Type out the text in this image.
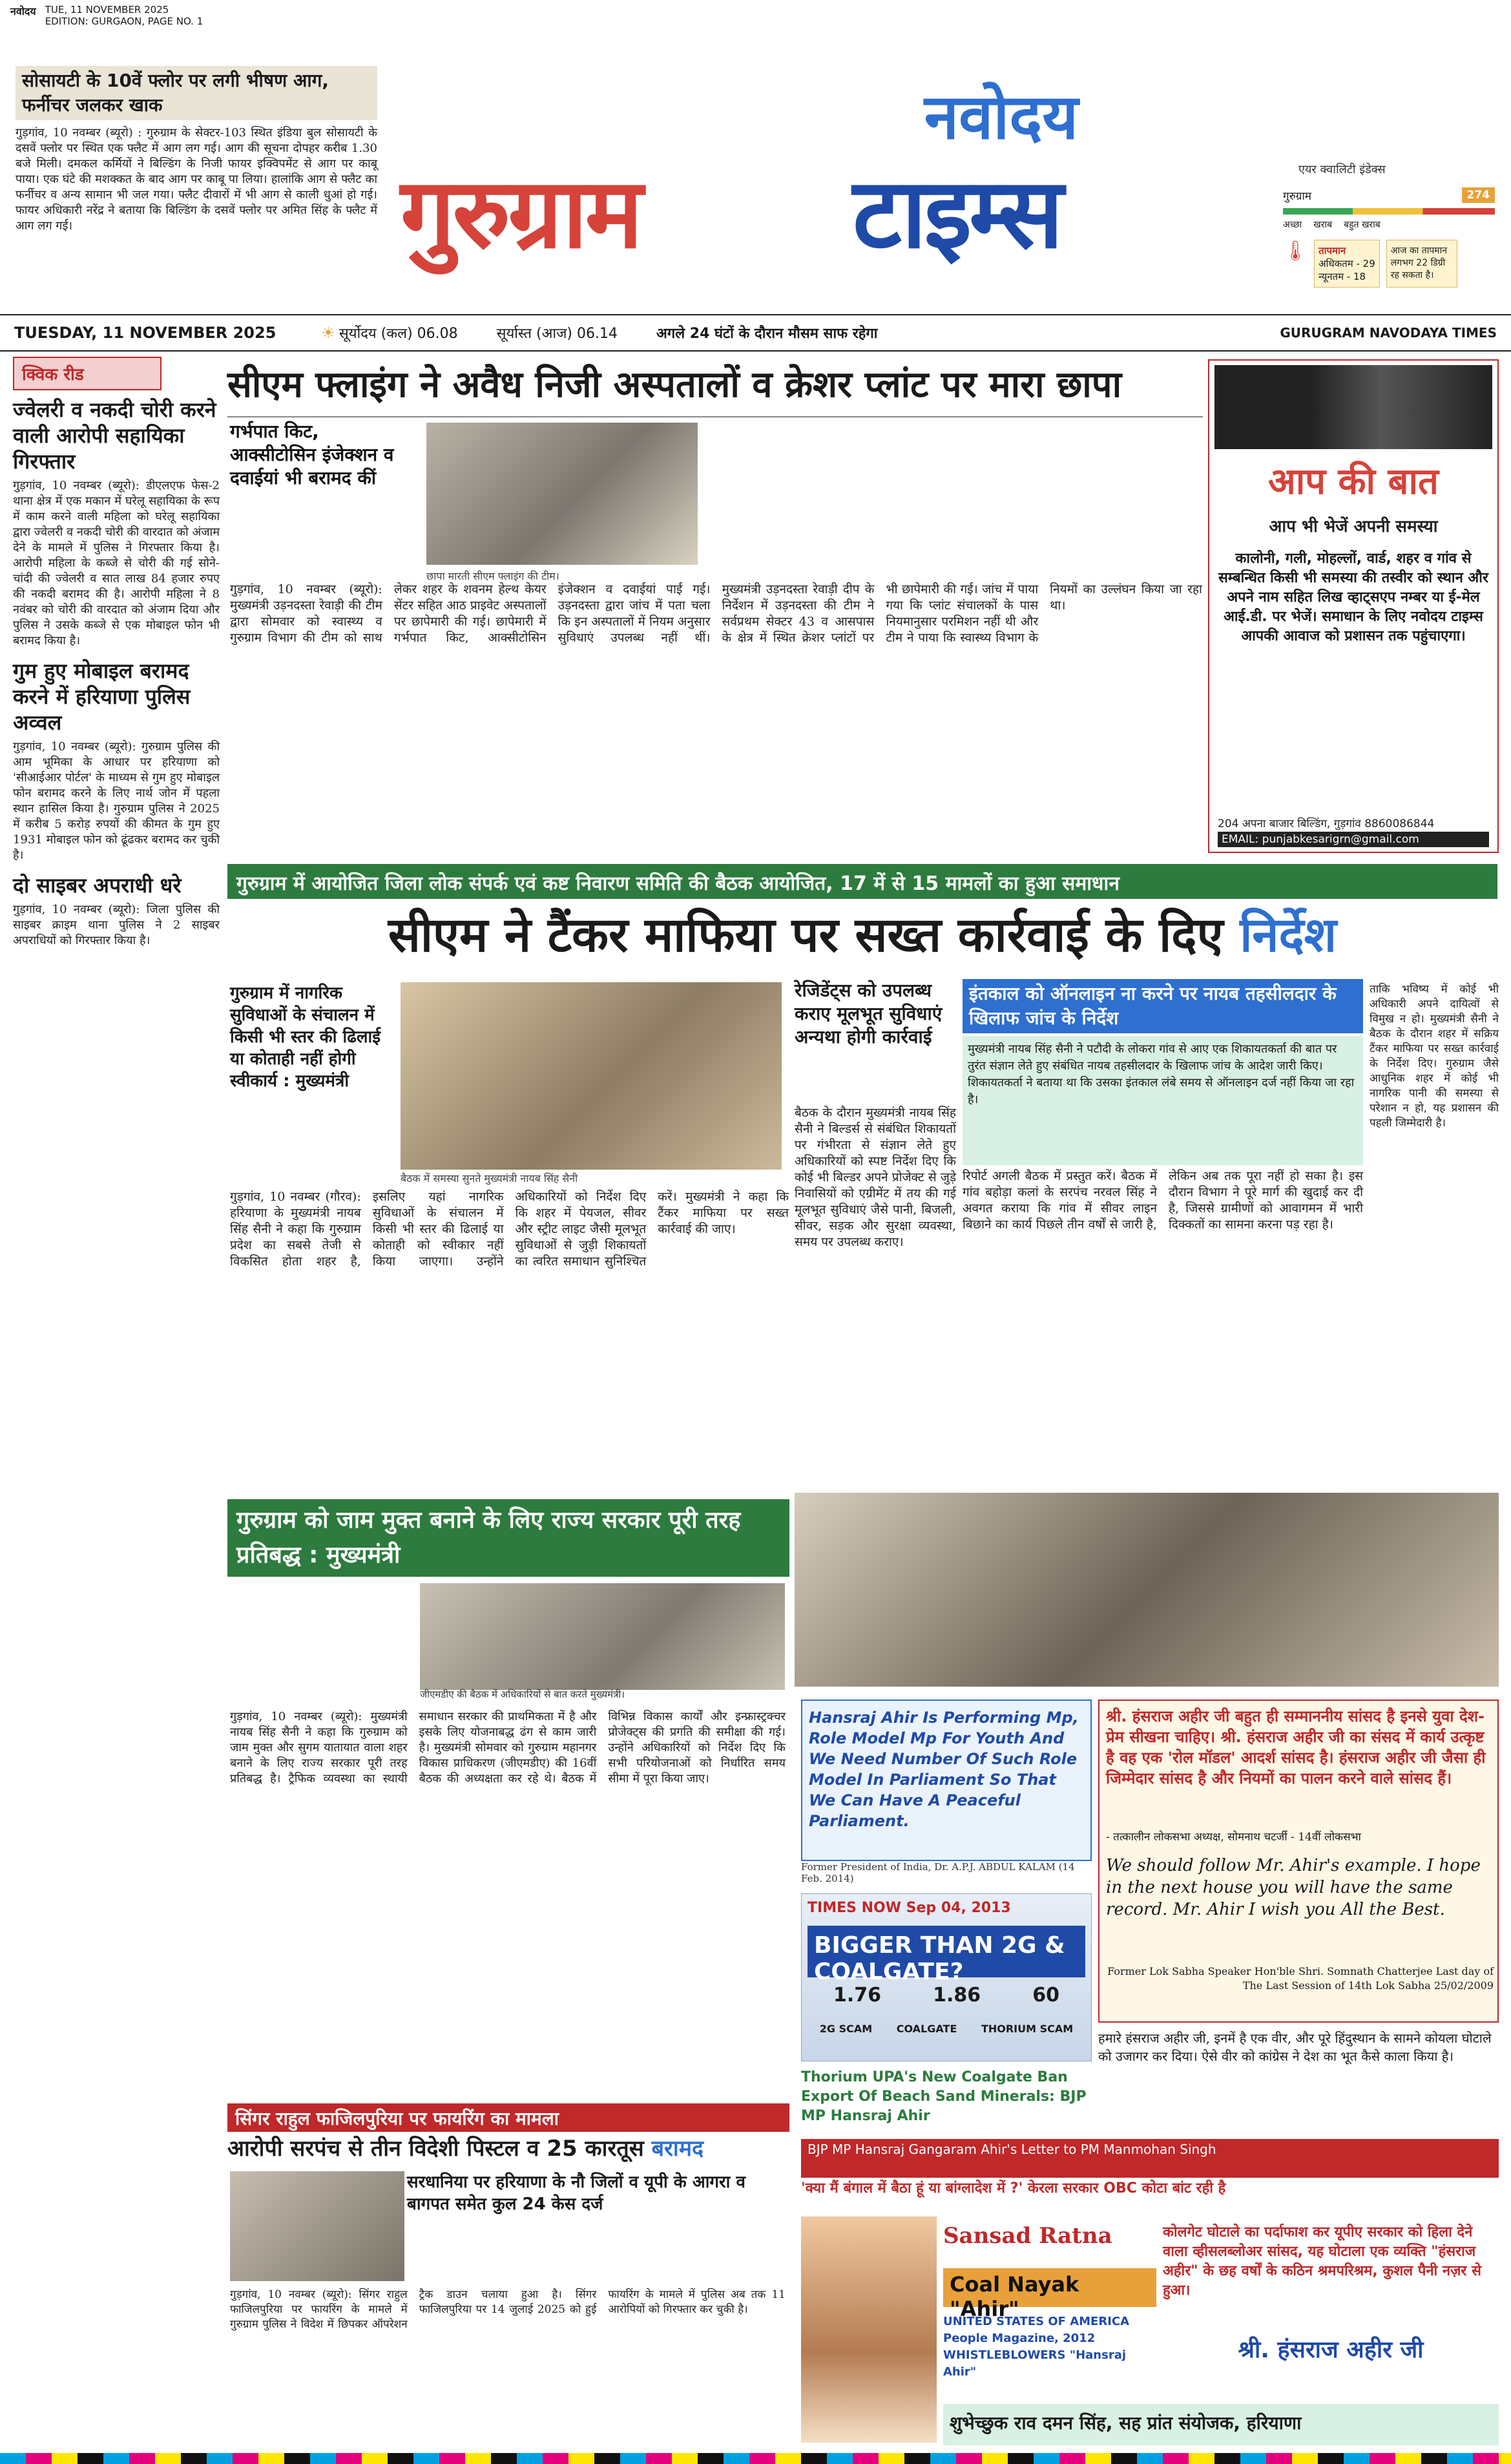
नवोदय TUE, 11 NOVEMBER 2025
EDITION: GURGAON, PAGE NO. 1
सोसायटी के 10वें फ्लोर पर लगी भीषण आग, फर्नीचर जलकर खाक

गुड़गांव, 10 नवम्बर (ब्यूरो) : गुरुग्राम के सेक्टर-103 स्थित इंडिया बुल सोसायटी के दसवें फ्लोर पर स्थित एक फ्लैट में आग लग गई। आग की सूचना दोपहर करीब 1.30 बजे मिली। दमकल कर्मियों ने बिल्डिंग के निजी फायर इक्विपमेंट से आग पर काबू पाया। एक घंटे की मशक्कत के बाद आग पर काबू पा लिया। हालांकि आग से फ्लैट का फर्नीचर व अन्य सामान भी जल गया। फ्लैट दीवारों में भी आग से काली धुआं हो गई। फायर अधिकारी नरेंद्र ने बताया कि बिल्डिंग के दसवें फ्लोर पर अमित सिंह के फ्लैट में आग लग गई।

नवोदय
गुरुग्राम	टाइम्स	एयर क्वालिटी इंडेक्स
गुरुग्राम	274
अच्छा खराब बहुत खराब
🌡 तापमान
अधिकतम - 29
न्यूनतम - 18
आज का तापमान लगभग 22 डिग्री रह सकता है।
TUESDAY, 11 NOVEMBER 2025	☀ सूर्योदय (कल) 06.08	सूर्यास्त (आज) 06.14	अगले 24 घंटों के दौरान मौसम साफ रहेगा	GURUGRAM NAVODAYA TIMES
क्विक रीड
ज्वेलरी व नकदी चोरी करने वाली आरोपी सहायिका गिरफ्तार

गुड़गांव, 10 नवम्बर (ब्यूरो): डीएलएफ फेस-2 थाना क्षेत्र में एक मकान में घरेलू सहायिका के रूप में काम करने वाली महिला को घरेलू सहायिका द्वारा ज्वेलरी व नकदी चोरी की वारदात को अंजाम देने के मामले में पुलिस ने गिरफ्तार किया है। आरोपी महिला के कब्जे से चोरी की गई सोने-चांदी की ज्वेलरी व सात लाख 84 हजार रुपए की नकदी बरामद की है। आरोपी महिला ने 8 नवंबर को चोरी की वारदात को अंजाम दिया और पुलिस ने उसके कब्जे से एक मोबाइल फोन भी बरामद किया है।

गुम हुए मोबाइल बरामद करने में हरियाणा पुलिस अव्वल

गुड़गांव, 10 नवम्बर (ब्यूरो): गुरुग्राम पुलिस की आम भूमिका के आधार पर हरियाणा को 'सीआईआर पोर्टल' के माध्यम से गुम हुए मोबाइल फोन बरामद करने के लिए नार्थ जोन में पहला स्थान हासिल किया है। गुरुग्राम पुलिस ने 2025 में करीब 5 करोड़ रुपयों की कीमत के गुम हुए 1931 मोबाइल फोन को ढूंढकर बरामद कर चुकी है।

दो साइबर अपराधी धरे

गुड़गांव, 10 नवम्बर (ब्यूरो): जिला पुलिस की साइबर क्राइम थाना पुलिस ने 2 साइबर अपराधियों को गिरफ्तार किया है।

सीएम फ्लाइंग ने अवैध निजी अस्पतालों व क्रेशर प्लांट पर मारा छापा
गर्भपात किट, आक्सीटोसिन इंजेक्शन व दवाईयां भी बरामद कीं
छापा मारती सीएम फ्लाइंग की टीम।
गुड़गांव, 10 नवम्बर (ब्यूरो): मुख्यमंत्री उड़नदस्ता रेवाड़ी की टीम द्वारा सोमवार को स्वास्थ्य व गुरुग्राम विभाग की टीम को साथ लेकर शहर के शवनम हेल्थ केयर सेंटर सहित आठ प्राइवेट अस्पतालों पर छापेमारी की गई। छापेमारी में गर्भपात किट, आक्सीटोसिन इंजेक्शन व दवाईयां पाई गई। उड़नदस्ता द्वारा जांच में पता चला कि इन अस्पतालों में नियम अनुसार सुविधाएं उपलब्ध नहीं थीं। मुख्यमंत्री उड़नदस्ता रेवाड़ी दीप के निर्देशन में उड़नदस्ता की टीम ने सर्वप्रथम सेक्टर 43 व आसपास के क्षेत्र में स्थित क्रेशर प्लांटों पर भी छापेमारी की गई। जांच में पाया गया कि प्लांट संचालकों के पास नियमानुसार परमिशन नहीं थी और टीम ने पाया कि स्वास्थ्य विभाग के नियमों का उल्लंघन किया जा रहा था।
आप की बात
आप भी भेजें अपनी समस्या
कालोनी, गली, मोहल्लों, वार्ड, शहर व गांव से सम्बन्धित किसी भी समस्या की तस्वीर को स्थान और अपने नाम सहित लिख व्हाट्सएप नम्बर या ई-मेल आई.डी. पर भेजें। समाधान के लिए नवोदय टाइम्स आपकी आवाज को प्रशासन तक पहुंचाएगा।
204 अपना बाजार बिल्डिंग, गुड़गांव 8860086844
EMAIL: punjabkesarigrn@gmail.com
गुरुग्राम में आयोजित जिला लोक संपर्क एवं कष्ट निवारण समिति की बैठक आयोजित, 17 में से 15 मामलों का हुआ समाधान
सीएम ने टैंकर माफिया पर सख्त कार्रवाई के दिए निर्देश
गुरुग्राम में नागरिक सुविधाओं के संचालन में किसी भी स्तर की ढिलाई या कोताही नहीं होगी स्वीकार्य : मुख्यमंत्री
बैठक में समस्या सुनते मुख्यमंत्री नायब सिंह सैनी
गुड़गांव, 10 नवम्बर (गौरव): हरियाणा के मुख्यमंत्री नायब सिंह सैनी ने कहा कि गुरुग्राम प्रदेश का सबसे तेजी से विकसित होता शहर है, इसलिए यहां नागरिक सुविधाओं के संचालन में किसी भी स्तर की ढिलाई या कोताही को स्वीकार नहीं किया जाएगा। उन्होंने अधिकारियों को निर्देश दिए कि शहर में पेयजल, सीवर और स्ट्रीट लाइट जैसी मूलभूत सुविधाओं से जुड़ी शिकायतों का त्वरित समाधान सुनिश्चित करें। मुख्यमंत्री ने कहा कि टैंकर माफिया पर सख्त कार्रवाई की जाए।
रेजिडेंट्स को उपलब्ध कराए मूलभूत सुविधाएं अन्यथा होगी कार्रवाई
बैठक के दौरान मुख्यमंत्री नायब सिंह सैनी ने बिल्डर्स से संबंधित शिकायतों पर गंभीरता से संज्ञान लेते हुए अधिकारियों को स्पष्ट निर्देश दिए कि कोई भी बिल्डर अपने प्रोजेक्ट से जुड़े निवासियों को एग्रीमेंट में तय की गई मूलभूत सुविधाएं जैसे पानी, बिजली, सीवर, सड़क और सुरक्षा व्यवस्था, समय पर उपलब्ध कराए।
इंतकाल को ऑनलाइन ना करने पर नायब तहसीलदार के खिलाफ जांच के निर्देश
मुख्यमंत्री नायब सिंह सैनी ने पटौदी के लोकरा गांव से आए एक शिकायतकर्ता की बात पर तुरंत संज्ञान लेते हुए संबंधित नायब तहसीलदार के खिलाफ जांच के आदेश जारी किए। शिकायतकर्ता ने बताया था कि उसका इंतकाल लंबे समय से ऑनलाइन दर्ज नहीं किया जा रहा है।
रिपोर्ट अगली बैठक में प्रस्तुत करें। बैठक में गांव बहोड़ा कलां के सरपंच नरवल सिंह ने अवगत कराया कि गांव में सीवर लाइन बिछाने का कार्य पिछले तीन वर्षों से जारी है, लेकिन अब तक पूरा नहीं हो सका है। इस दौरान विभाग ने पूरे मार्ग की खुदाई कर दी है, जिससे ग्रामीणों को आवागमन में भारी दिक्कतों का सामना करना पड़ रहा है।
ताकि भविष्य में कोई भी अधिकारी अपने दायित्वों से विमुख न हो। मुख्यमंत्री सैनी ने बैठक के दौरान शहर में सक्रिय टैंकर माफिया पर सख्त कार्रवाई के निर्देश दिए। गुरुग्राम जैसे आधुनिक शहर में कोई भी नागरिक पानी की समस्या से परेशान न हो, यह प्रशासन की पहली जिम्मेदारी है।
गुरुग्राम को जाम मुक्त बनाने के लिए राज्य सरकार पूरी तरह प्रतिबद्ध : मुख्यमंत्री
जीएमडीए की बैठक में अधिकारियों से बात करते मुख्यमंत्री।
गुड़गांव, 10 नवम्बर (ब्यूरो): मुख्यमंत्री नायब सिंह सैनी ने कहा कि गुरुग्राम को जाम मुक्त और सुगम यातायात वाला शहर बनाने के लिए राज्य सरकार पूरी तरह प्रतिबद्ध है। ट्रैफिक व्यवस्था का स्थायी समाधान सरकार की प्राथमिकता में है और इसके लिए योजनाबद्ध ढंग से काम जारी है। मुख्यमंत्री सोमवार को गुरुग्राम महानगर विकास प्राधिकरण (जीएमडीए) की 16वीं बैठक की अध्यक्षता कर रहे थे। बैठक में विभिन्न विकास कार्यों और इन्फ्रास्ट्रक्चर प्रोजेक्ट्स की प्रगति की समीक्षा की गई। उन्होंने अधिकारियों को निर्देश दिए कि सभी परियोजनाओं को निर्धारित समय सीमा में पूरा किया जाए।
Hansraj Ahir Is Performing Mp, Role Model Mp For Youth And We Need Number Of Such Role Model In Parliament So That We Can Have A Peaceful Parliament.
Former President of India, Dr. A.P.J. ABDUL KALAM (14 Feb. 2014)
श्री. हंसराज अहीर जी बहुत ही सम्माननीय सांसद है इनसे युवा देश-प्रेम सीखना चाहिए। श्री. हंसराज अहीर जी का संसद में कार्य उत्कृष्ट है वह एक 'रोल मॉडल' आदर्श सांसद है। हंसराज अहीर जी जैसा ही जिम्मेदार सांसद है और नियमों का पालन करने वाले सांसद हैं।
- तत्कालीन लोकसभा अध्यक्ष, सोमनाथ चटर्जी - 14वीं लोकसभा
We should follow Mr. Ahir's example. I hope in the next house you will have the same record. Mr. Ahir I wish you All the Best.
Former Lok Sabha Speaker Hon'ble Shri. Somnath Chatterjee Last day of The Last Session of 14th Lok Sabha 25/02/2009
TIMES NOW Sep 04, 2013
BIGGER THAN 2G & COALGATE?
1.76	1.86	60
2G SCAM COALGATE THORIUM SCAM
हमारे हंसराज अहीर जी, इनमें है एक वीर, और पूरे हिंदुस्थान के सामने कोयला घोटाले को उजागर कर दिया। ऐसे वीर को कांग्रेस ने देश का भूत कैसे काला किया है।
Thorium UPA's New Coalgate Ban Export Of Beach Sand Minerals: BJP MP Hansraj Ahir
BJP MP Hansraj Gangaram Ahir's Letter to PM Manmohan Singh
'क्या मैं बंगाल में बैठा हूं या बांग्लादेश में ?' केरला सरकार OBC कोटा बांट रही है
Sansad Ratna
Coal Nayak "Ahir"
UNITED STATES OF AMERICA People Magazine, 2012 WHISTLEBLOWERS "Hansraj Ahir"
कोलगेट घोटाले का पर्दाफाश कर यूपीए सरकार को हिला देने वाला व्हीसलब्लोअर सांसद, यह घोटाला एक व्यक्ति "हंसराज अहीर" के छह वर्षों के कठिन श्रमपरिश्रम, कुशल पैनी नज़र से हुआ।
श्री. हंसराज अहीर जी
शुभेच्छुक राव दमन सिंह, सह प्रांत संयोजक, हरियाणा
सिंगर राहुल फाजिलपुरिया पर फायरिंग का मामला
आरोपी सरपंच से तीन विदेशी पिस्टल व 25 कारतूस बरामद
सरधानिया पर हरियाणा के नौ जिलों व यूपी के आगरा व बागपत समेत कुल 24 केस दर्ज
गुड़गांव, 10 नवम्बर (ब्यूरो): सिंगर राहुल फाजिलपुरिया पर फायरिंग के मामले में गुरुग्राम पुलिस ने विदेश में छिपकर ऑपरेशन ट्रैक डाउन चलाया हुआ है। सिंगर फाजिलपुरिया पर 14 जुलाई 2025 को हुई फायरिंग के मामले में पुलिस अब तक 11 आरोपियों को गिरफ्तार कर चुकी है।
